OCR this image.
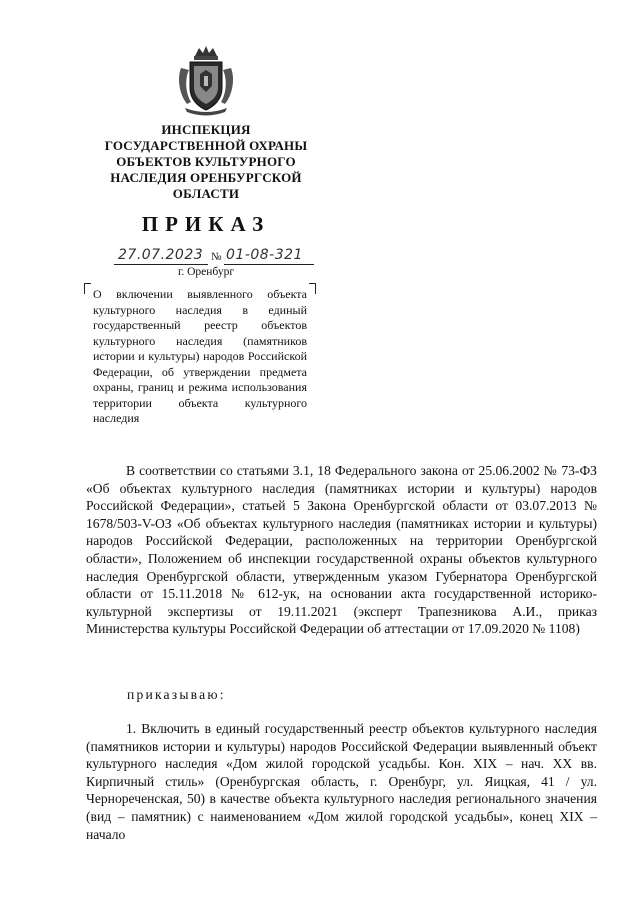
ИНСПЕКЦИЯ
ГОСУДАРСТВЕННОЙ ОХРАНЫ
ОБЪЕКТОВ КУЛЬТУРНОГО
НАСЛЕДИЯ ОРЕНБУРГСКОЙ
ОБЛАСТИ
ПРИКАЗ
27.07.2023 № 01-08-321
г. Оренбург
О включении выявленного объекта культурного наследия в единый государственный реестр объектов культурного наследия (памятников истории и культуры) народов Российской Федерации, об утверждении предмета охраны, границ и режима использования территории объекта культурного наследия

В соответствии со статьями 3.1, 18 Федерального закона от 25.06.2002 № 73-ФЗ «Об объектах культурного наследия (памятниках истории и культуры) народов Российской Федерации», статьей 5 Закона Оренбургской области от 03.07.2013 № 1678/503-V-ОЗ «Об объектах культурного наследия (памятниках истории и культуры) народов Российской Федерации, расположенных на территории Оренбургской области», Положением об инспекции государственной охраны объектов культурного наследия Оренбургской области, утвержденным указом Губернатора Оренбургской области от 15.11.2018 № 612-ук, на основании акта государственной историко-культурной экспертизы от 19.11.2021 (эксперт Трапезникова А.И., приказ Министерства культуры Российской Федерации об аттестации от 17.09.2020 № 1108)

приказываю:

1. Включить в единый государственный реестр объектов культурного наследия (памятников истории и культуры) народов Российской Федерации выявленный объект культурного наследия «Дом жилой городской усадьбы. Кон. XIX – нач. XX вв. Кирпичный стиль» (Оренбургская область, г. Оренбург, ул. Яицкая, 41 / ул. Чернореченская, 50) в качестве объекта культурного наследия регионального значения (вид – памятник) с наименованием «Дом жилой городской усадьбы», конец XIX – начало
